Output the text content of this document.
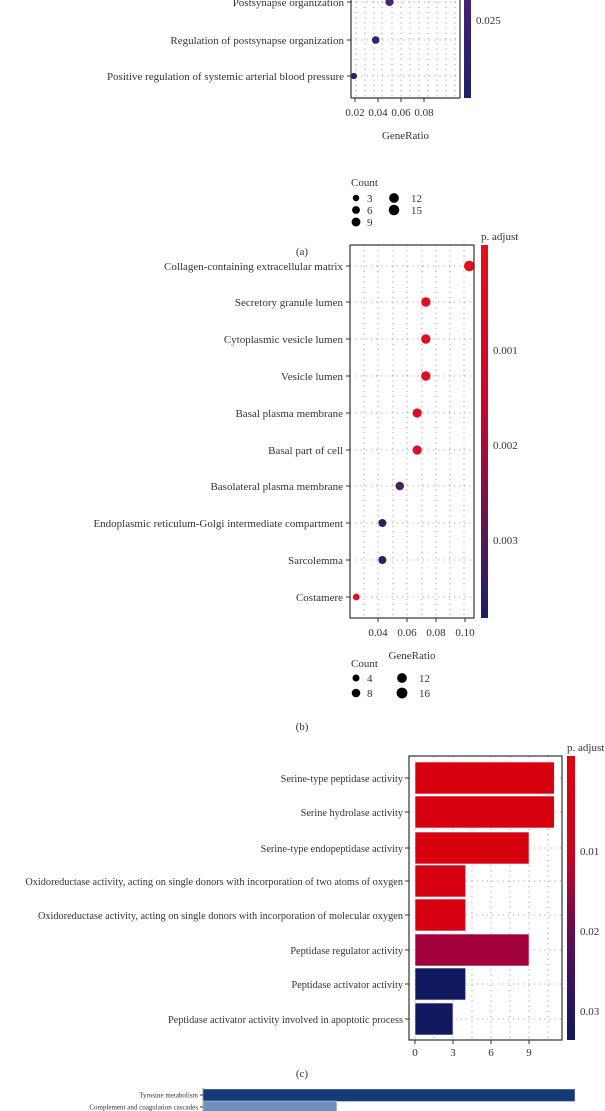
Postsynapse organization
Regulation of postsynapse organization
Positive regulation of systemic arterial blood pressure
0.02 0.04 0.06 0.08
GeneRatio
0.025
Count
3
6
9
12
15
(a)
Collagen-containing extracellular matrix
Secretory granule lumen
Cytoplasmic vesicle lumen
Vesicle lumen
Basal plasma membrane
Basal part of cell
Basolateral plasma membrane
Endoplasmic reticulum-Golgi intermediate compartment
Sarcolemma
Costamere
0.04 0.06 0.08 0.10
GeneRatio
p. adjust
0.001
0.002
0.003
Count
4
8
12
16
(b)
Serine-type peptidase activity
Serine hydrolase activity
Serine-type endopeptidase activity
Oxidoreductase activity, acting on single donors with incorporation of two atoms of oxygen
Oxidoreductase activity, acting on single donors with incorporation of molecular oxygen
Peptidase regulator activity
Peptidase activator activity
Peptidase activator activity involved in apoptotic process
0	3	6	9
p. adjust
0.01
0.02
0.03
(c)
Tyrosine metabolism
Complement and coagulation cascades
